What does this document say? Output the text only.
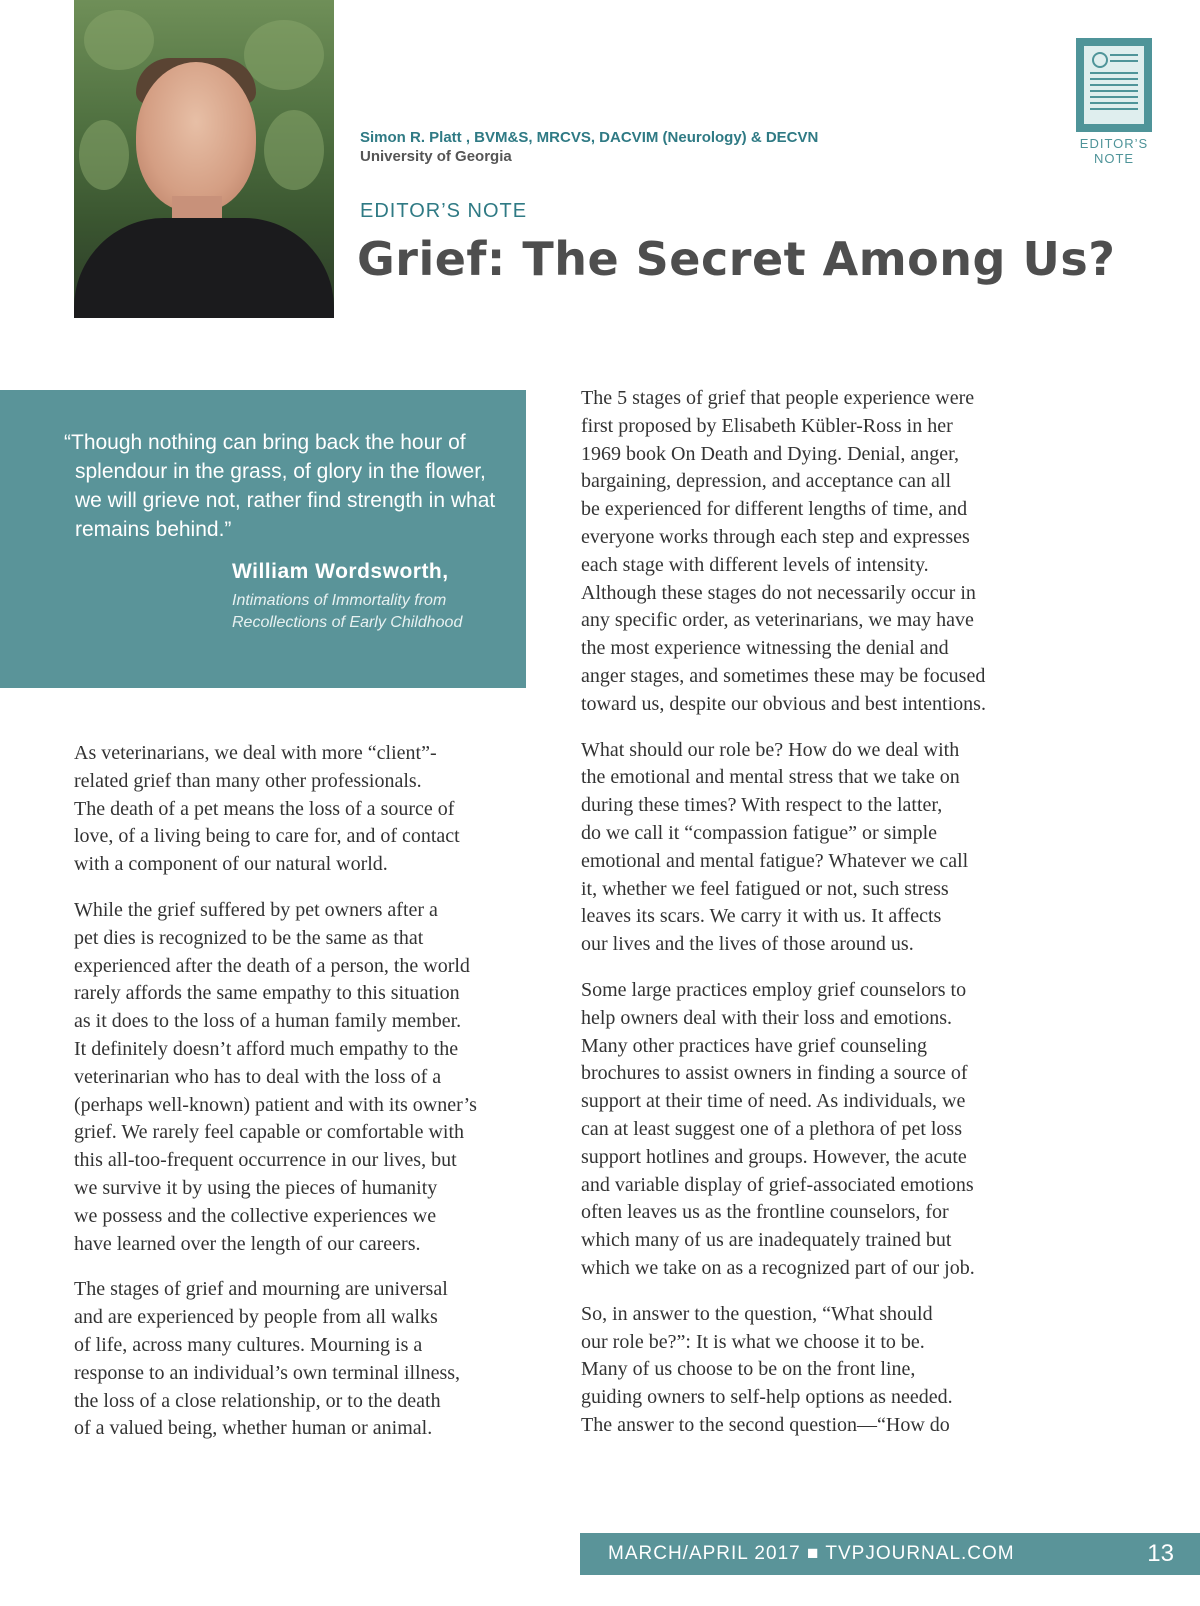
Simon R. Platt , BVM&S, MRCVS, DACVIM (Neurology) & DECVN
University of Georgia
EDITOR’S NOTE
Grief: The Secret Among Us?
EDITOR’S
NOTE
“Though nothing can bring back the hour of splendour in the grass, of glory in the flower, we will grieve not, rather find strength in what remains behind.”
William Wordsworth,
Intimations of Immortality from Recollections of Early Childhood

As veterinarians, we deal with more “client”-
related grief than many other professionals.
The death of a pet means the loss of a source of
love, of a living being to care for, and of contact
with a component of our natural world.

While the grief suffered by pet owners after a
pet dies is recognized to be the same as that
experienced after the death of a person, the world
rarely affords the same empathy to this situation
as it does to the loss of a human family member.
It definitely doesn’t afford much empathy to the
veterinarian who has to deal with the loss of a
(perhaps well-known) patient and with its owner’s
grief. We rarely feel capable or comfortable with
this all-too-frequent occurrence in our lives, but
we survive it by using the pieces of humanity
we possess and the collective experiences we
have learned over the length of our careers.

The stages of grief and mourning are universal
and are experienced by people from all walks
of life, across many cultures. Mourning is a
response to an individual’s own terminal illness,
the loss of a close relationship, or to the death
of a valued being, whether human or animal.

The 5 stages of grief that people experience were
first proposed by Elisabeth Kübler-Ross in her
1969 book On Death and Dying. Denial, anger,
bargaining, depression, and acceptance can all
be experienced for different lengths of time, and
everyone works through each step and expresses
each stage with different levels of intensity.
Although these stages do not necessarily occur in
any specific order, as veterinarians, we may have
the most experience witnessing the denial and
anger stages, and sometimes these may be focused
toward us, despite our obvious and best intentions.

What should our role be? How do we deal with
the emotional and mental stress that we take on
during these times? With respect to the latter,
do we call it “compassion fatigue” or simple
emotional and mental fatigue? Whatever we call
it, whether we feel fatigued or not, such stress
leaves its scars. We carry it with us. It affects
our lives and the lives of those around us.

Some large practices employ grief counselors to
help owners deal with their loss and emotions.
Many other practices have grief counseling
brochures to assist owners in finding a source of
support at their time of need. As individuals, we
can at least suggest one of a plethora of pet loss
support hotlines and groups. However, the acute
and variable display of grief-associated emotions
often leaves us as the frontline counselors, for
which many of us are inadequately trained but
which we take on as a recognized part of our job.

So, in answer to the question, “What should
our role be?”: It is what we choose it to be.
Many of us choose to be on the front line,
guiding owners to self-help options as needed.
The answer to the second question—“How do

MARCH/APRIL 2017 ■ TVPJOURNAL.COM	13
